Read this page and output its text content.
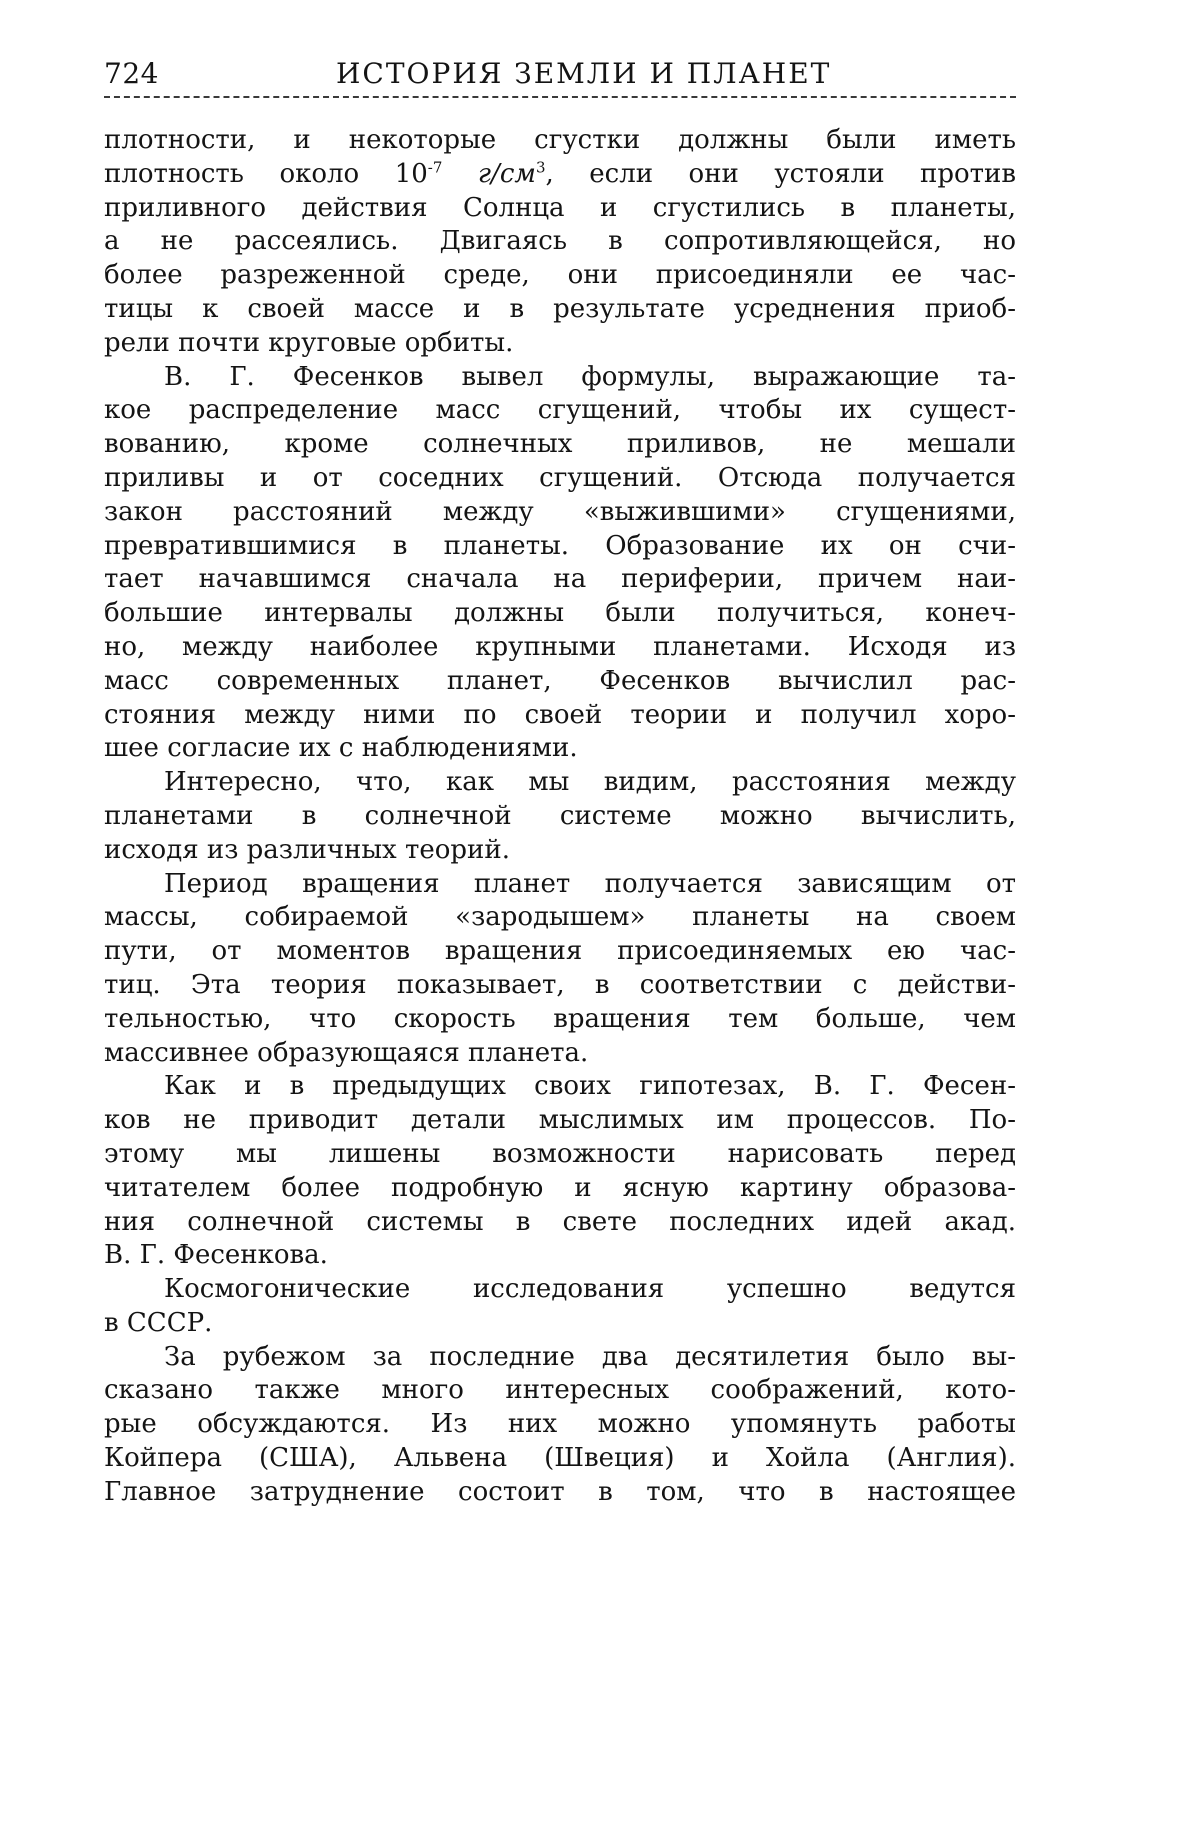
724	ИСТОРИЯ ЗЕМЛИ И ПЛАНЕТ
плотности, и некоторые сгустки должны были иметь
плотность около $10^{-7}$ $г/см^3$, если они устояли против
приливного действия Солнца и сгустились в планеты,
а не рассеялись. Двигаясь в сопротивляющейся, но
более разреженной среде, они присоединяли ее час-
тицы к своей массе и в результате усреднения приоб-
рели почти круговые орбиты.
В. Г. Фесенков вывел формулы, выражающие та-
кое распределение масс сгущений, чтобы их сущест-
вованию, кроме солнечных приливов, не мешали
приливы и от соседних сгущений. Отсюда получается
закон расстояний между «выжившими» сгущениями,
превратившимися в планеты. Образование их он счи-
тает начавшимся сначала на периферии, причем наи-
большие интервалы должны были получиться, конеч-
но, между наиболее крупными планетами. Исходя из
масс современных планет, Фесенков вычислил рас-
стояния между ними по своей теории и получил хоро-
шее согласие их с наблюдениями.
Интересно, что, как мы видим, расстояния между
планетами в солнечной системе можно вычислить,
исходя из различных теорий.
Период вращения планет получается зависящим от
массы, собираемой «зародышем» планеты на своем
пути, от моментов вращения присоединяемых ею час-
тиц. Эта теория показывает, в соответствии с действи-
тельностью, что скорость вращения тем больше, чем
массивнее образующаяся планета.
Как и в предыдущих своих гипотезах, В. Г. Фесен-
ков не приводит детали мыслимых им процессов. По-
этому мы лишены возможности нарисовать перед
читателем более подробную и ясную картину образова-
ния солнечной системы в свете последних идей акад.
В. Г. Фесенкова.
Космогонические исследования успешно ведутся
в СССР.
За рубежом за последние два десятилетия было вы-
сказано также много интересных соображений, кото-
рые обсуждаются. Из них можно упомянуть работы
Койпера (США), Альвена (Швеция) и Хойла (Англия).
Главное затруднение состоит в том, что в настоящее
